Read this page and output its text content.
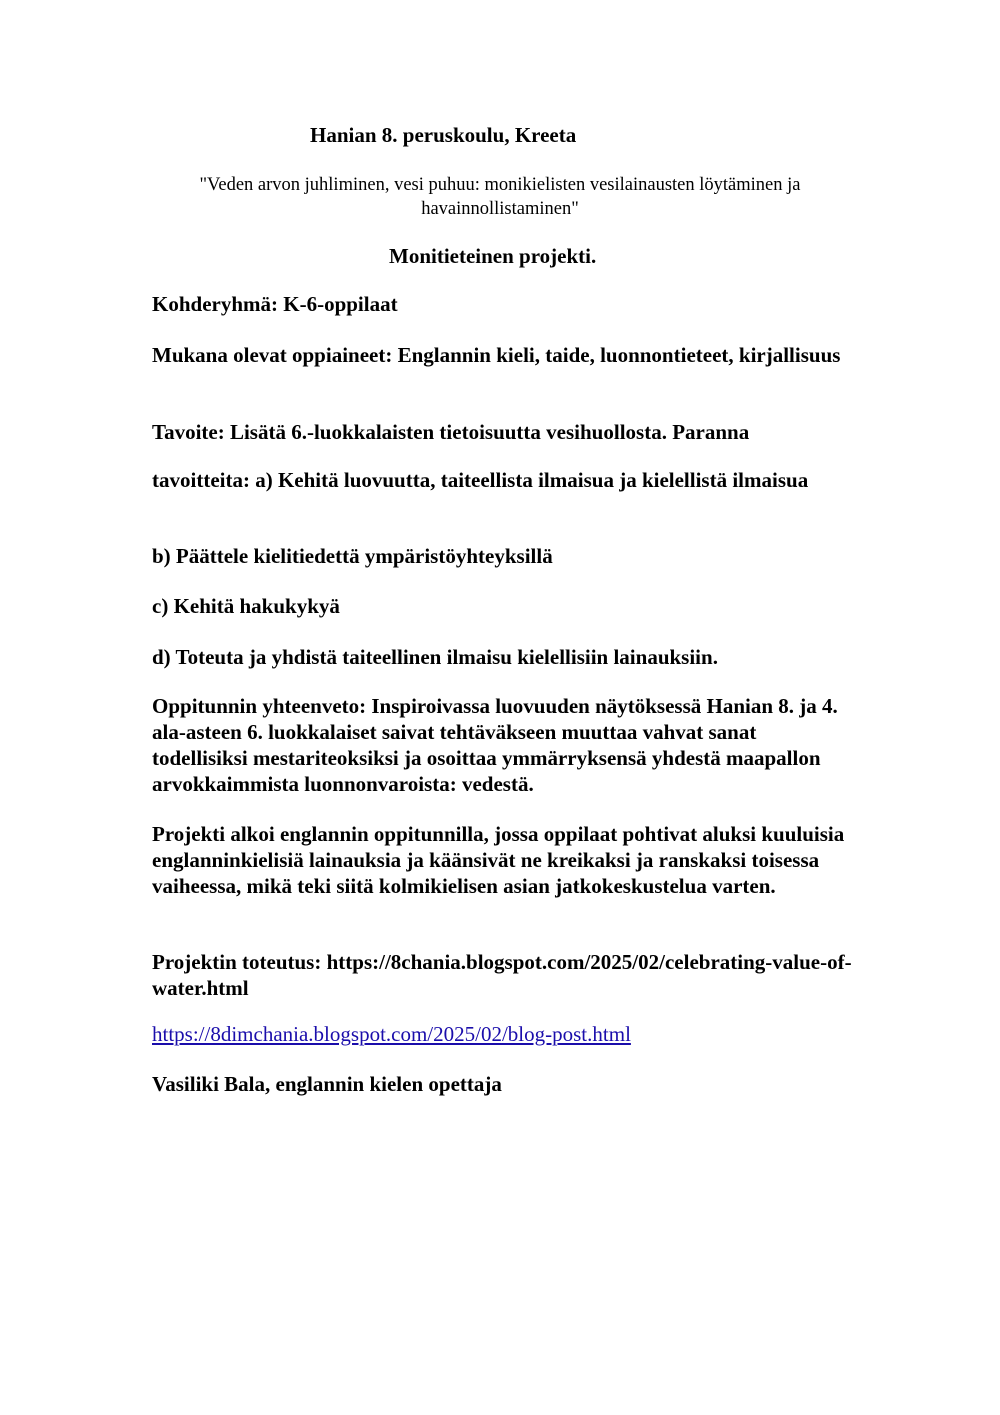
Hanian 8. peruskoulu, Kreeta
"Veden arvon juhliminen, vesi puhuu: monikielisten vesilainausten löytäminen ja havainnollistaminen"
Monitieteinen projekti.
Kohderyhmä: K-6-oppilaat
Mukana olevat oppiaineet: Englannin kieli, taide, luonnontieteet, kirjallisuus
Tavoite: Lisätä 6.-luokkalaisten tietoisuutta vesihuollosta. Paranna
tavoitteita: a) Kehitä luovuutta, taiteellista ilmaisua ja kielellistä ilmaisua
b) Päättele kielitiedettä ympäristöyhteyksillä
c) Kehitä hakukykyä
d) Toteuta ja yhdistä taiteellinen ilmaisu kielellisiin lainauksiin.
Oppitunnin yhteenveto: Inspiroivassa luovuuden näytöksessä Hanian 8. ja 4. ala-asteen 6. luokkalaiset saivat tehtäväkseen muuttaa vahvat sanat todellisiksi mestariteoksiksi ja osoittaa ymmärryksensä yhdestä maapallon arvokkaimmista luonnonvaroista: vedestä.
Projekti alkoi englannin oppitunnilla, jossa oppilaat pohtivat aluksi kuuluisia englanninkielisiä lainauksia ja käänsivät ne kreikaksi ja ranskaksi toisessa vaiheessa, mikä teki siitä kolmikielisen asian jatkokeskustelua varten.
Projektin toteutus: https://8chania.blogspot.com/2025/02/celebrating-value-of-water.html
https://8dimchania.blogspot.com/2025/02/blog-post.html
Vasiliki Bala, englannin kielen opettaja
